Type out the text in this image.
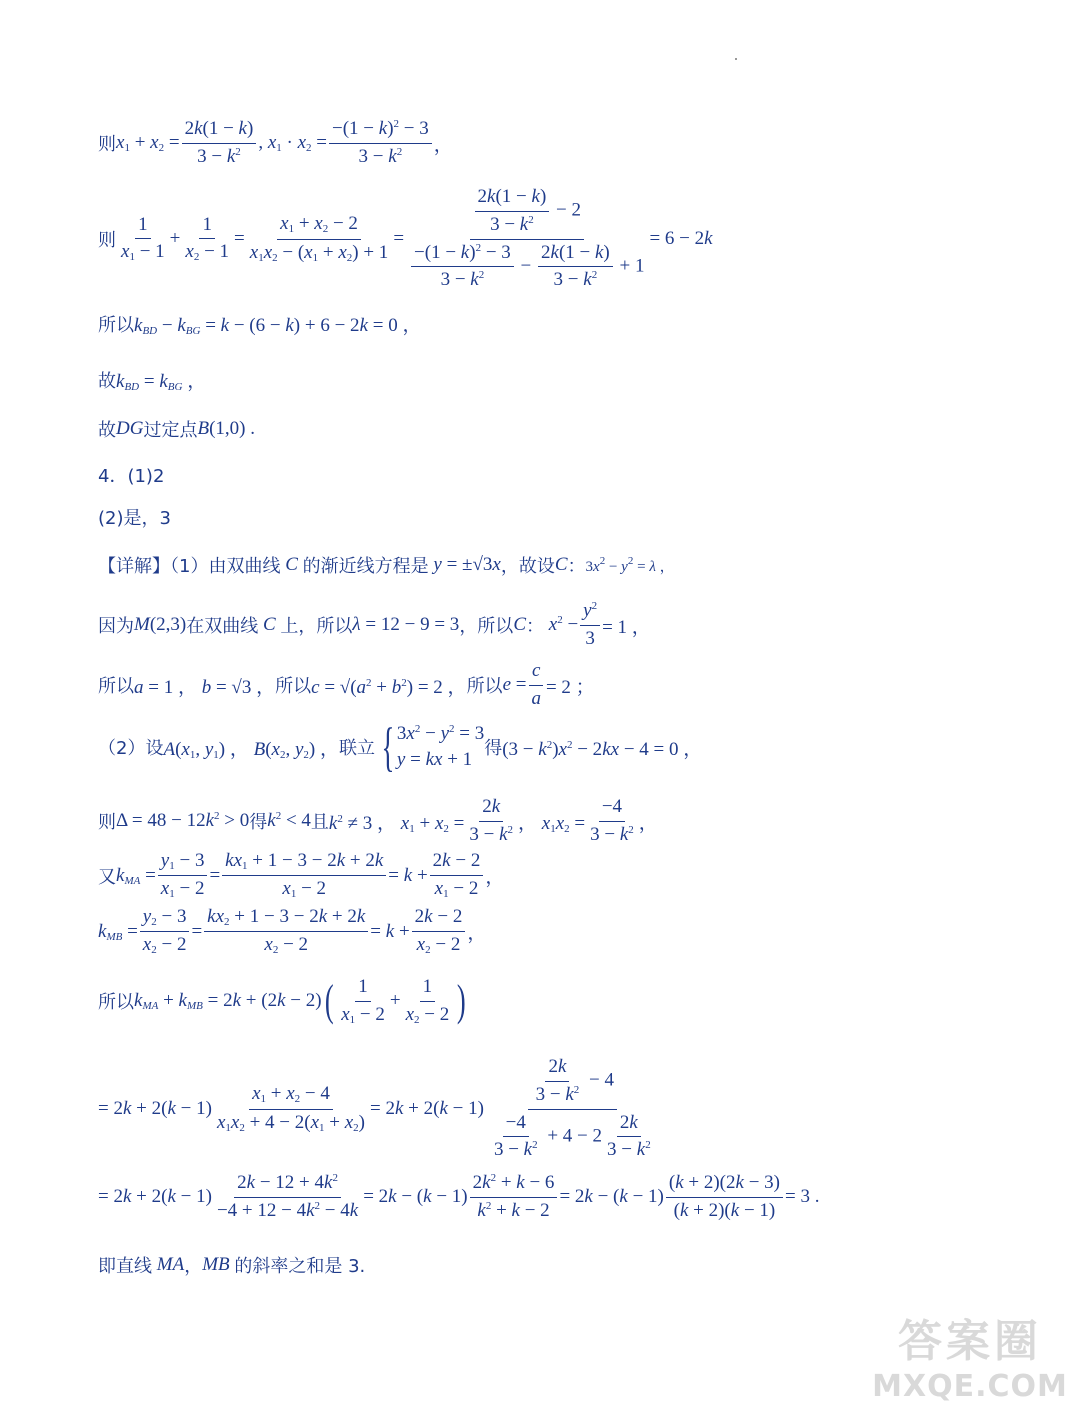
则 $x_1 + x_2 = \frac{2k(1 - k)}{3 - k^2}$ , $x_1 \cdot x_2 = \frac{-(1 - k)^2 - 3}{3 - k^2}$ ，
则 $\frac{1}{x_1 - 1} + \frac{1}{x_2 - 1} = \frac{x_1 + x_2 - 2}{x_1x_2 - (x_1 + x_2) + 1} = \frac{\frac{2k(1 - k)}{3 - k^2} - 2}{\frac{-(1 - k)^2 - 3}{3 - k^2} - \frac{2k(1 - k)}{3 - k^2} + 1} = 6 - 2k$
所以 $k_{BD} - k_{BG} = k - (6 - k) + 6 - 2k = 0$ ，
故 $k_{BD} = k_{BG}$ ，
故 DG 过定点 B(1,0) .
4．(1)2
(2)是，3
【详解】（1）由双曲线 C 的渐近线方程是 y = ±√3x ，故设 C ： $3x^2 - y^2 = \lambda$ ，
因为 M(2,3) 在双曲线 C 上，所以 λ = 12 − 9 = 3 ，所以 C ： $x^2 - \frac{y^2}{3} = 1$ ，
所以 a = 1 ， b = √3 ， 所以 $c = √(a^2 + b^2) = 2$ ， 所以 $e = \frac{c}{a} = 2$ ；
（2）设 $A(x_1$, $y_1$) ， $B(x_2$, $y_2$) ， 联立 { $3x^2 - y^2 = 3$
y = kx + 1
得 $(3 - k^2)x^2 - 2kx - 4 = 0$ ，
则 $\Delta = 48 - 12k^2 > 0$ 得 $k^2 < 4$ 且 $k^2 \ne 3$ ， $x_1 + x_2 = \frac{2k}{3 - k^2}$ ， $x_1x_2 = \frac{-4}{3 - k^2}$ ，
又 $k_{MA} = \frac{y_1 - 3}{x_1 - 2} = \frac{kx_1 + 1 - 3 - 2k + 2k}{x_1 - 2} = k + \frac{2k - 2}{x_1 - 2}$ ，
$k_{MB} = \frac{y_2 - 3}{x_2 - 2} = \frac{kx_2 + 1 - 3 - 2k + 2k}{x_2 - 2} = k + \frac{2k - 2}{x_2 - 2}$ ，
所以 $k_{MA} + k_{MB} = 2k + (2k - 2)$ ( $\frac{1}{x_1 - 2} + \frac{1}{x_2 - 2}$ )
= $2k + 2(k - 1) \frac{x_1 + x_2 - 4}{x_1x_2 + 4 - 2(x_1 + x_2)} = 2k + 2(k - 1) \frac{\frac{2k}{3 - k^2} - 4}{\frac{-4}{3 - k^2} + 4 - 2 \frac{2k}{3 - k^2}}$
= $2k + 2(k - 1) \frac{2k - 12 + 4k^2}{-4 + 12 - 4k^2 - 4k} = 2k - (k - 1) \frac{2k^2 + k - 6}{k^2 + k - 2} = 2k - (k - 1) \frac{(k + 2)(2k - 3)}{(k + 2)(k - 1)} = 3$ .
即直线 MA ， MB 的斜率之和是 3.
答案圈
MXQE.COM
